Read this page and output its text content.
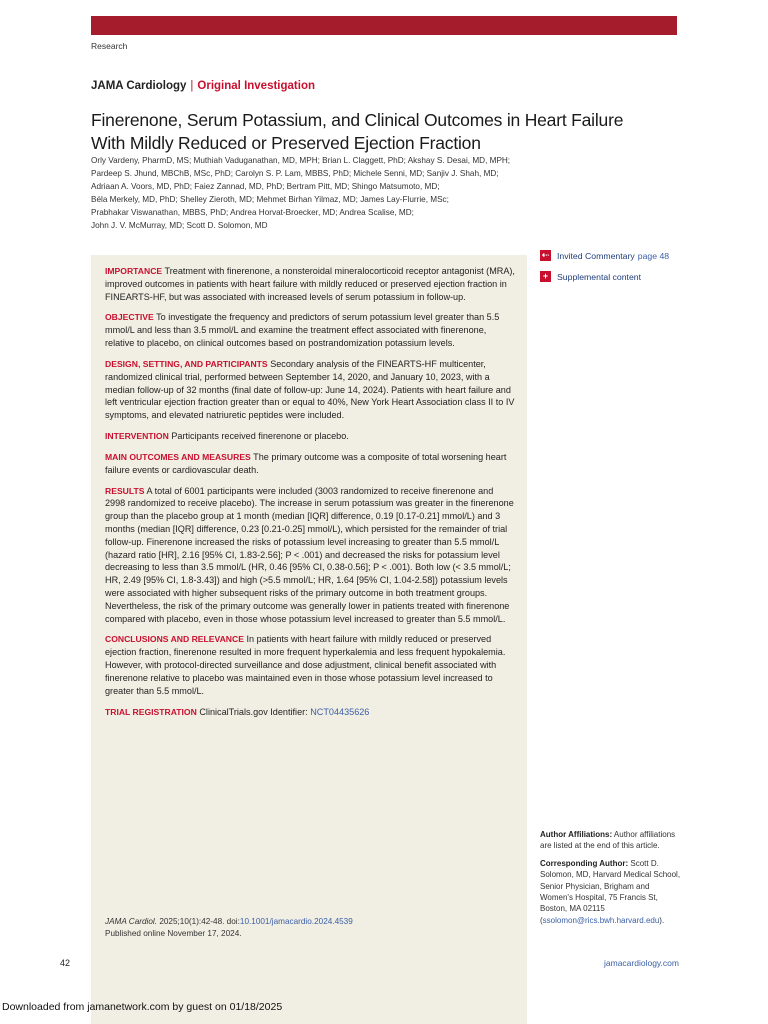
Research
JAMA Cardiology | Original Investigation
Finerenone, Serum Potassium, and Clinical Outcomes in Heart Failure
With Mildly Reduced or Preserved Ejection Fraction
Orly Vardeny, PharmD, MS; Muthiah Vaduganathan, MD, MPH; Brian L. Claggett, PhD; Akshay S. Desai, MD, MPH;
Pardeep S. Jhund, MBChB, MSc, PhD; Carolyn S. P. Lam, MBBS, PhD; Michele Senni, MD; Sanjiv J. Shah, MD;
Adriaan A. Voors, MD, PhD; Faiez Zannad, MD, PhD; Bertram Pitt, MD; Shingo Matsumoto, MD;
Béla Merkely, MD, PhD; Shelley Zieroth, MD; Mehmet Birhan Yilmaz, MD; James Lay-Flurrie, MSc;
Prabhakar Viswanathan, MBBS, PhD; Andrea Horvat-Broecker, MD; Andrea Scalise, MD;
John J. V. McMurray, MD; Scott D. Solomon, MD

IMPORTANCE Treatment with finerenone, a nonsteroidal mineralocorticoid receptor antagonist (MRA), improved outcomes in patients with heart failure with mildly reduced or preserved ejection fraction in FINEARTS-HF, but was associated with increased levels of serum potassium in follow-up.

OBJECTIVE To investigate the frequency and predictors of serum potassium level greater than 5.5 mmol/L and less than 3.5 mmol/L and examine the treatment effect associated with finerenone, relative to placebo, on clinical outcomes based on postrandomization potassium levels.

DESIGN, SETTING, AND PARTICIPANTS Secondary analysis of the FINEARTS-HF multicenter, randomized clinical trial, performed between September 14, 2020, and January 10, 2023, with a median follow-up of 32 months (final date of follow-up: June 14, 2024). Patients with heart failure and left ventricular ejection fraction greater than or equal to 40%, New York Heart Association class II to IV symptoms, and elevated natriuretic peptides were included.

INTERVENTION Participants received finerenone or placebo.

MAIN OUTCOMES AND MEASURES The primary outcome was a composite of total worsening heart failure events or cardiovascular death.

RESULTS A total of 6001 participants were included (3003 randomized to receive finerenone and 2998 randomized to receive placebo). The increase in serum potassium was greater in the finerenone group than the placebo group at 1 month (median [IQR] difference, 0.19 [0.17-0.21] mmol/L) and 3 months (median [IQR] difference, 0.23 [0.21-0.25] mmol/L), which persisted for the remainder of trial follow-up. Finerenone increased the risks of potassium level increasing to greater than 5.5 mmol/L (hazard ratio [HR], 2.16 [95% CI, 1.83-2.56]; P < .001) and decreased the risks for potassium level decreasing to less than 3.5 mmol/L (HR, 0.46 [95% CI, 0.38-0.56]; P < .001). Both low (< 3.5 mmol/L; HR, 2.49 [95% CI, 1.8-3.43]) and high (>5.5 mmol/L; HR, 1.64 [95% CI, 1.04-2.58]) potassium levels were associated with higher subsequent risks of the primary outcome in both treatment groups. Nevertheless, the risk of the primary outcome was generally lower in patients treated with finerenone compared with placebo, even in those whose potassium level increased to greater than 5.5 mmol/L.

CONCLUSIONS AND RELEVANCE In patients with heart failure with mildly reduced or preserved ejection fraction, finerenone resulted in more frequent hyperkalemia and less frequent hypokalemia. However, with protocol-directed surveillance and dose adjustment, clinical benefit associated with finerenone relative to placebo was maintained even in those whose potassium level increased to greater than 5.5 mmol/L.

TRIAL REGISTRATION ClinicalTrials.gov Identifier: NCT04435626

JAMA Cardiol. 2025;10(1):42-48. doi:10.1001/jamacardio.2024.4539
Published online November 17, 2024.
⇠ Invited Commentary page 48
+	Supplemental content

Author Affiliations: Author affiliations are listed at the end of this article.

Corresponding Author: Scott D. Solomon, MD, Harvard Medical School, Senior Physician, Brigham and Women's Hospital, 75 Francis St, Boston, MA 02115 (ssolomon@rics.bwh.harvard.edu).

42	jamacardiology.com
Downloaded from jamanetwork.com by guest on 01/18/2025
